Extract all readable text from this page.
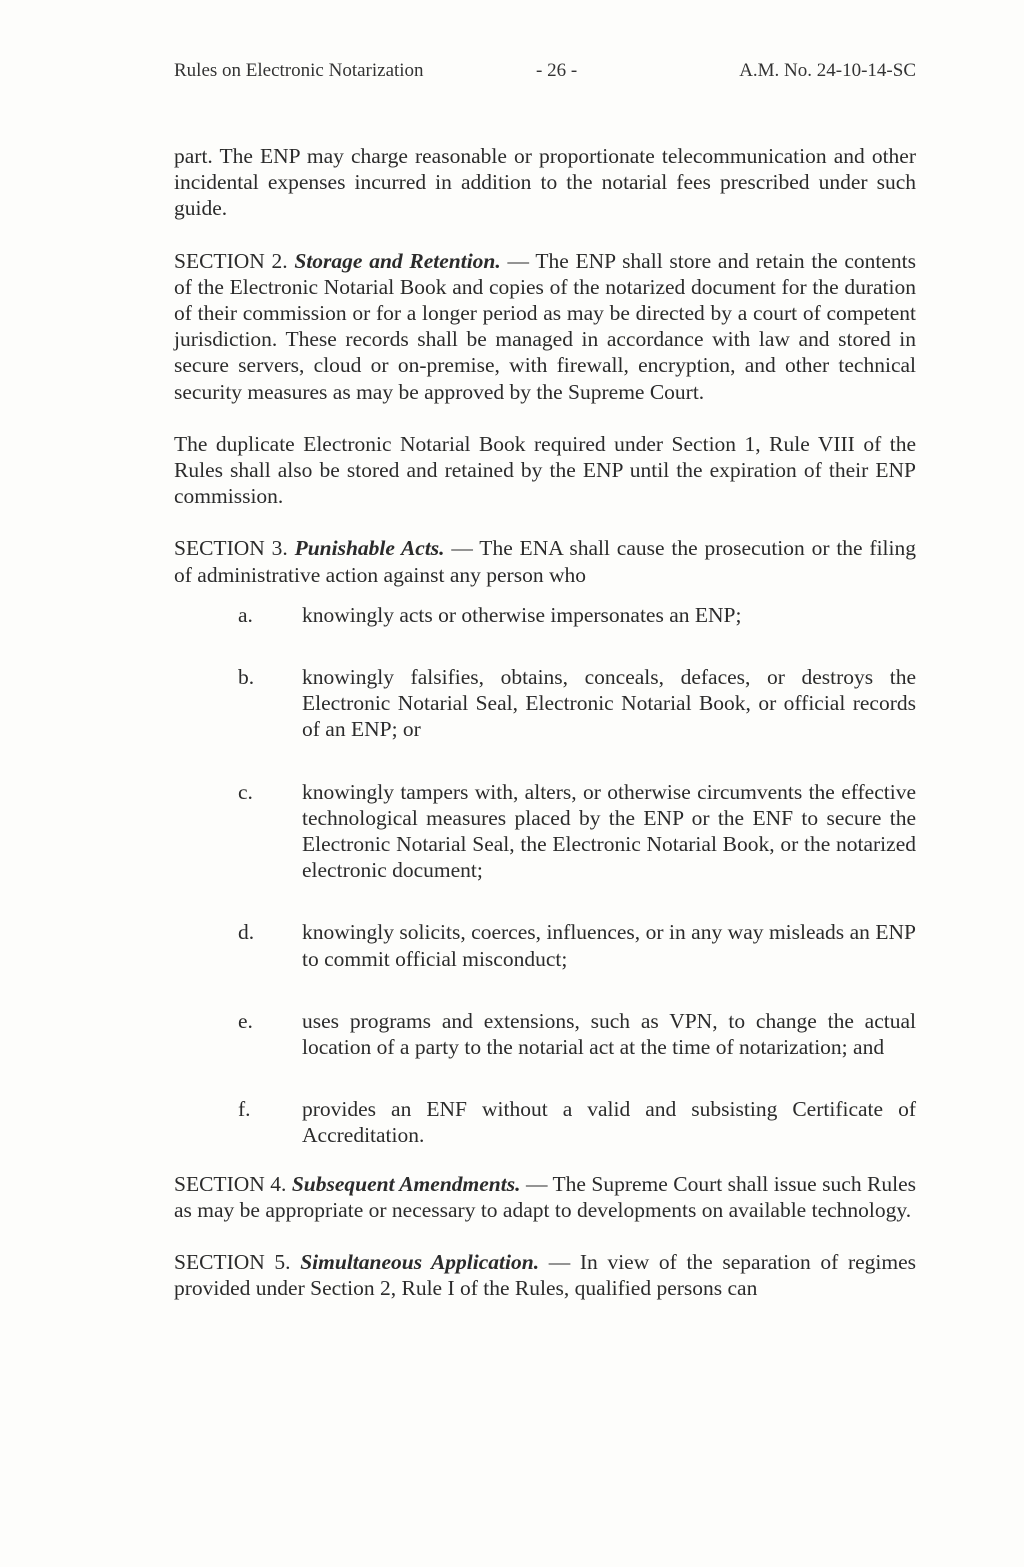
Rules on Electronic Notarization	- 26 -	A.M. No. 24-10-14-SC

part. The ENP may charge reasonable or proportionate telecommunication and other incidental expenses incurred in addition to the notarial fees prescribed under such guide.

SECTION 2. Storage and Retention. — The ENP shall store and retain the contents of the Electronic Notarial Book and copies of the notarized document for the duration of their commission or for a longer period as may be directed by a court of competent jurisdiction. These records shall be managed in accordance with law and stored in secure servers, cloud or on-premise, with firewall, encryption, and other technical security measures as may be approved by the Supreme Court.

The duplicate Electronic Notarial Book required under Section 1, Rule VIII of the Rules shall also be stored and retained by the ENP until the expiration of their ENP commission.

SECTION 3. Punishable Acts. — The ENA shall cause the prosecution or the filing of administrative action against any person who

a. knowingly acts or otherwise impersonates an ENP;
b. knowingly falsifies, obtains, conceals, defaces, or destroys the Electronic Notarial Seal, Electronic Notarial Book, or official records of an ENP; or
c. knowingly tampers with, alters, or otherwise circumvents the effective technological measures placed by the ENP or the ENF to secure the Electronic Notarial Seal, the Electronic Notarial Book, or the notarized electronic document;
d. knowingly solicits, coerces, influences, or in any way misleads an ENP to commit official misconduct;
e. uses programs and extensions, such as VPN, to change the actual location of a party to the notarial act at the time of notarization; and
f. provides an ENF without a valid and subsisting Certificate of Accreditation.

SECTION 4. Subsequent Amendments. — The Supreme Court shall issue such Rules as may be appropriate or necessary to adapt to developments on available technology.

SECTION 5. Simultaneous Application. — In view of the separation of regimes provided under Section 2, Rule I of the Rules, qualified persons can
